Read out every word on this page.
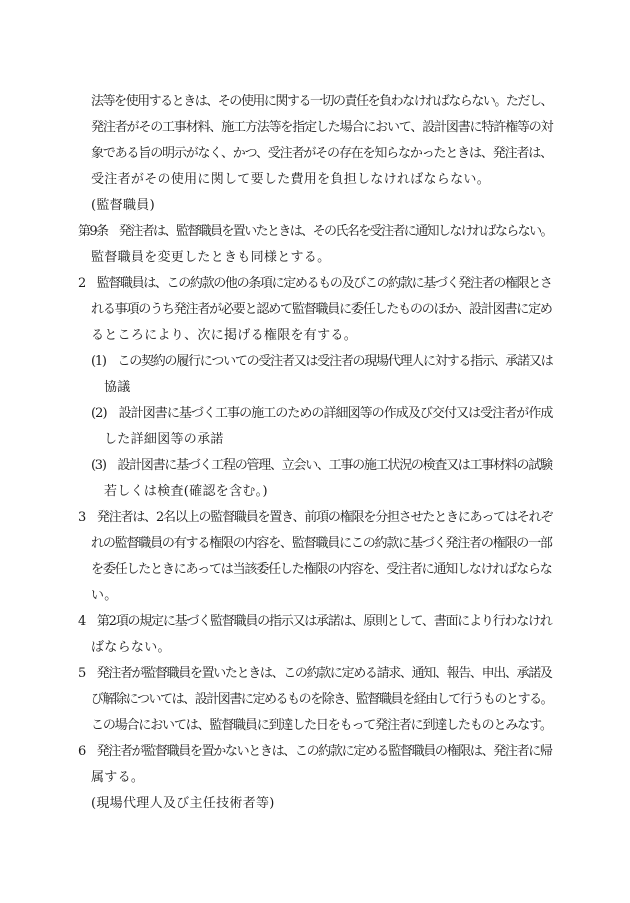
法等を使用するときは、その使用に関する一切の責任を負わなければならない。ただし、
発注者がその工事材料、施工方法等を指定した場合において、設計図書に特許権等の対
象である旨の明示がなく、かつ、受注者がその存在を知らなかったときは、発注者は、
受注者がその使用に関して要した費用を負担しなければならない。
(監督職員)
第9条　発注者は、監督職員を置いたときは、その氏名を受注者に通知しなければならない。
監督職員を変更したときも同様とする。
2　監督職員は、この約款の他の条項に定めるもの及びこの約款に基づく発注者の権限とさ
れる事項のうち発注者が必要と認めて監督職員に委任したもののほか、設計図書に定め
るところにより、次に掲げる権限を有する。
(1)　この契約の履行についての受注者又は受注者の現場代理人に対する指示、承諾又は
協議
(2)　設計図書に基づく工事の施工のための詳細図等の作成及び交付又は受注者が作成
した詳細図等の承諾
(3)　設計図書に基づく工程の管理、立会い、工事の施工状況の検査又は工事材料の試験
若しくは検査(確認を含む。)
3　発注者は、2名以上の監督職員を置き、前項の権限を分担させたときにあってはそれぞ
れの監督職員の有する権限の内容を、監督職員にこの約款に基づく発注者の権限の一部
を委任したときにあっては当該委任した権限の内容を、受注者に通知しなければならな
い。
4　第2項の規定に基づく監督職員の指示又は承諾は、原則として、書面により行わなけれ
ばならない。
5　発注者が監督職員を置いたときは、この約款に定める請求、通知、報告、申出、承諾及
び解除については、設計図書に定めるものを除き、監督職員を経由して行うものとする。
この場合においては、監督職員に到達した日をもって発注者に到達したものとみなす。
6　発注者が監督職員を置かないときは、この約款に定める監督職員の権限は、発注者に帰
属する。
(現場代理人及び主任技術者等)
